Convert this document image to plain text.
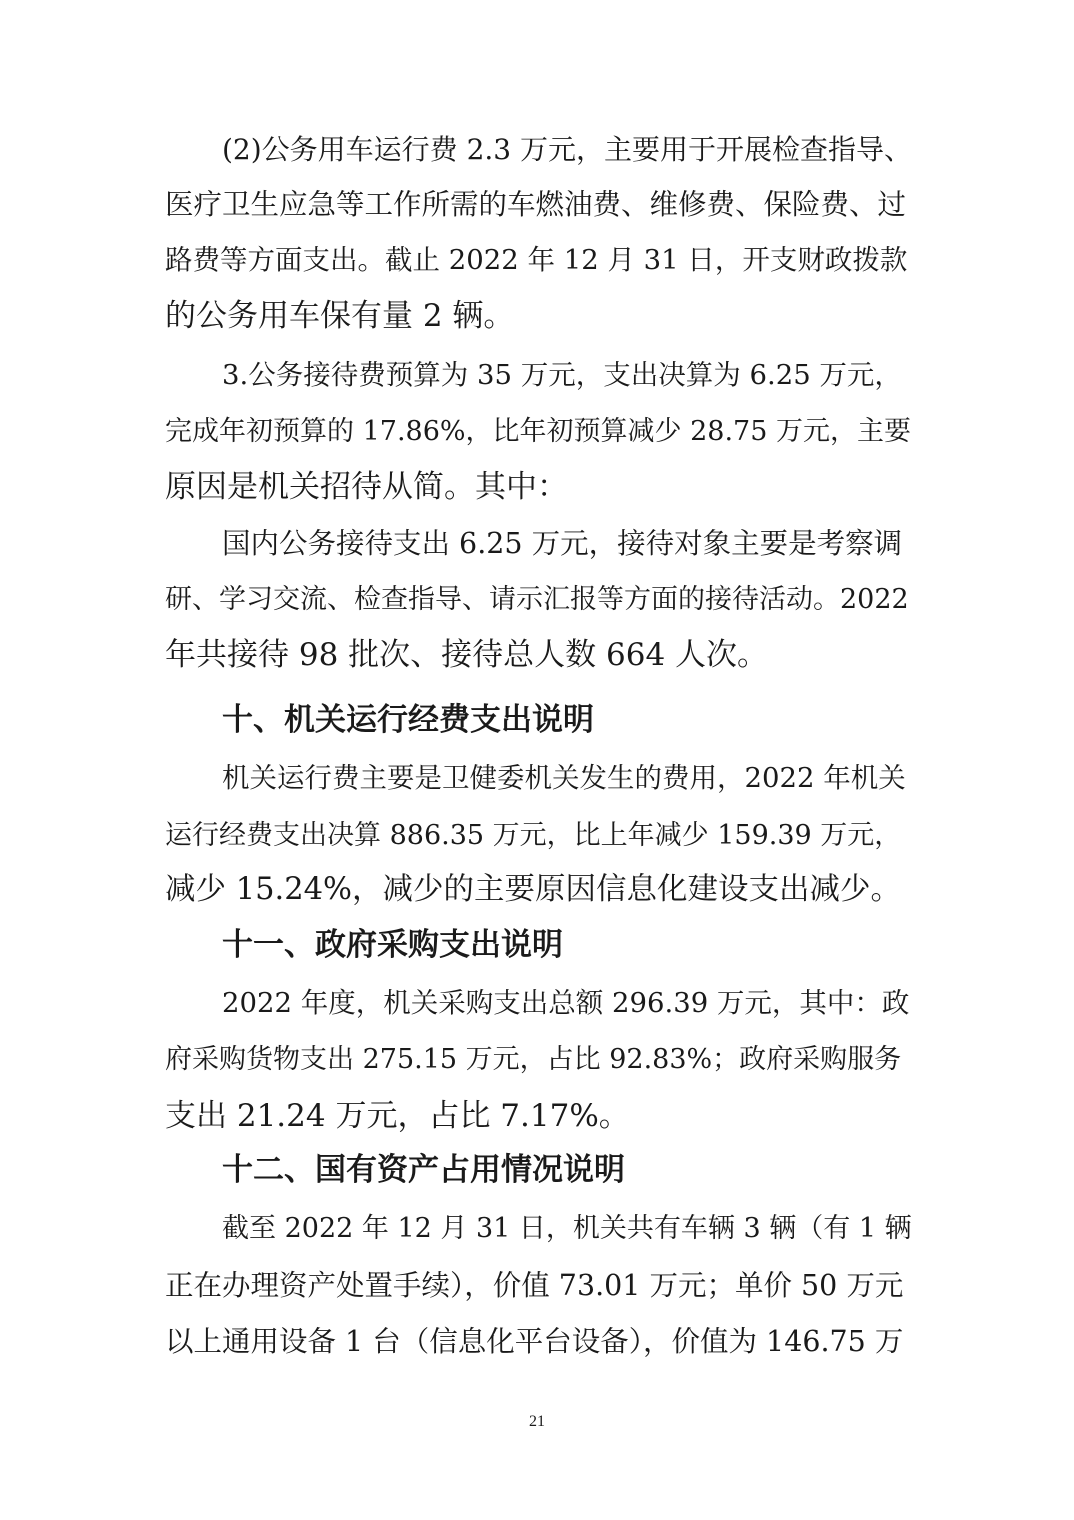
(2)公务用车运行费 2.3 万元，主要用于开展检查指导、
医疗卫生应急等工作所需的车燃油费、维修费、保险费、过
路费等方面支出。截止 2022 年 12 月 31 日，开支财政拨款
的公务用车保有量 2 辆。
3.公务接待费预算为 35 万元，支出决算为 6.25 万元，
完成年初预算的 17.86%，比年初预算减少 28.75 万元，主要
原因是机关招待从简。其中：
国内公务接待支出 6.25 万元，接待对象主要是考察调
研、学习交流、检查指导、请示汇报等方面的接待活动。2022
年共接待 98 批次、接待总人数 664 人次。
十、机关运行经费支出说明
机关运行费主要是卫健委机关发生的费用，2022 年机关
运行经费支出决算 886.35 万元，比上年减少 159.39 万元，
减少 15.24%，减少的主要原因信息化建设支出减少。
十一、政府采购支出说明
2022 年度，机关采购支出总额 296.39 万元，其中：政
府采购货物支出 275.15 万元，占比 92.83%；政府采购服务
支出 21.24 万元，占比 7.17%。
十二、国有资产占用情况说明
截至 2022 年 12 月 31 日，机关共有车辆 3 辆（有 1 辆
正在办理资产处置手续），价值 73.01 万元；单价 50 万元
以上通用设备 1 台（信息化平台设备），价值为 146.75 万
21
